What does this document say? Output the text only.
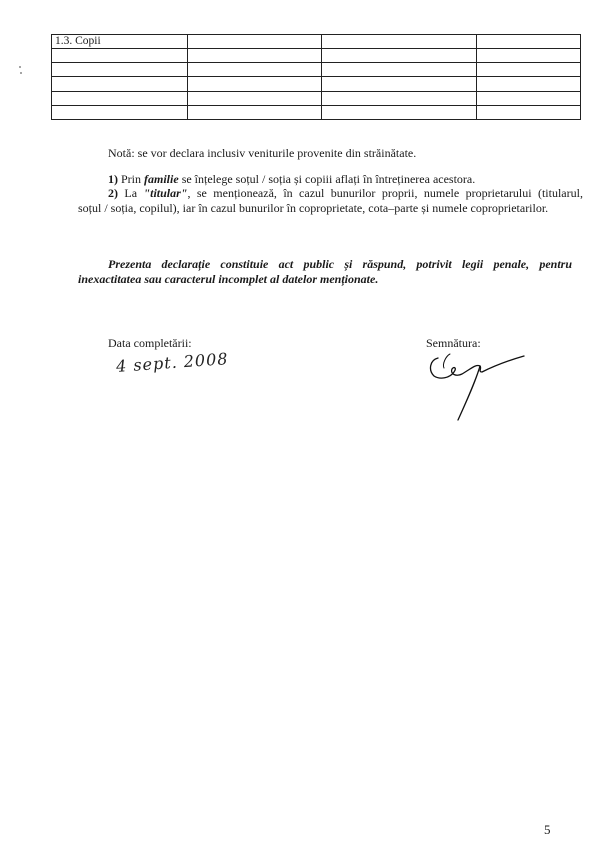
1.3. Copii			

Notă: se vor declara inclusiv veniturile provenite din străinătate.
1) Prin familie se înțelege soțul / soția și copiii aflați în întreținerea acestora.
2) La "titular", se menționează, în cazul bunurilor proprii, numele proprietarului (titularul,
soțul / soția, copilul), iar în cazul bunurilor în coproprietate, cota–parte și numele coproprietarilor.
Prezenta declarație constituie act public și răspund, potrivit legii penale, pentru
inexactitatea sau caracterul incomplet al datelor menționate.
Data completării:
4 sept. 2008
Semnătura:
5
